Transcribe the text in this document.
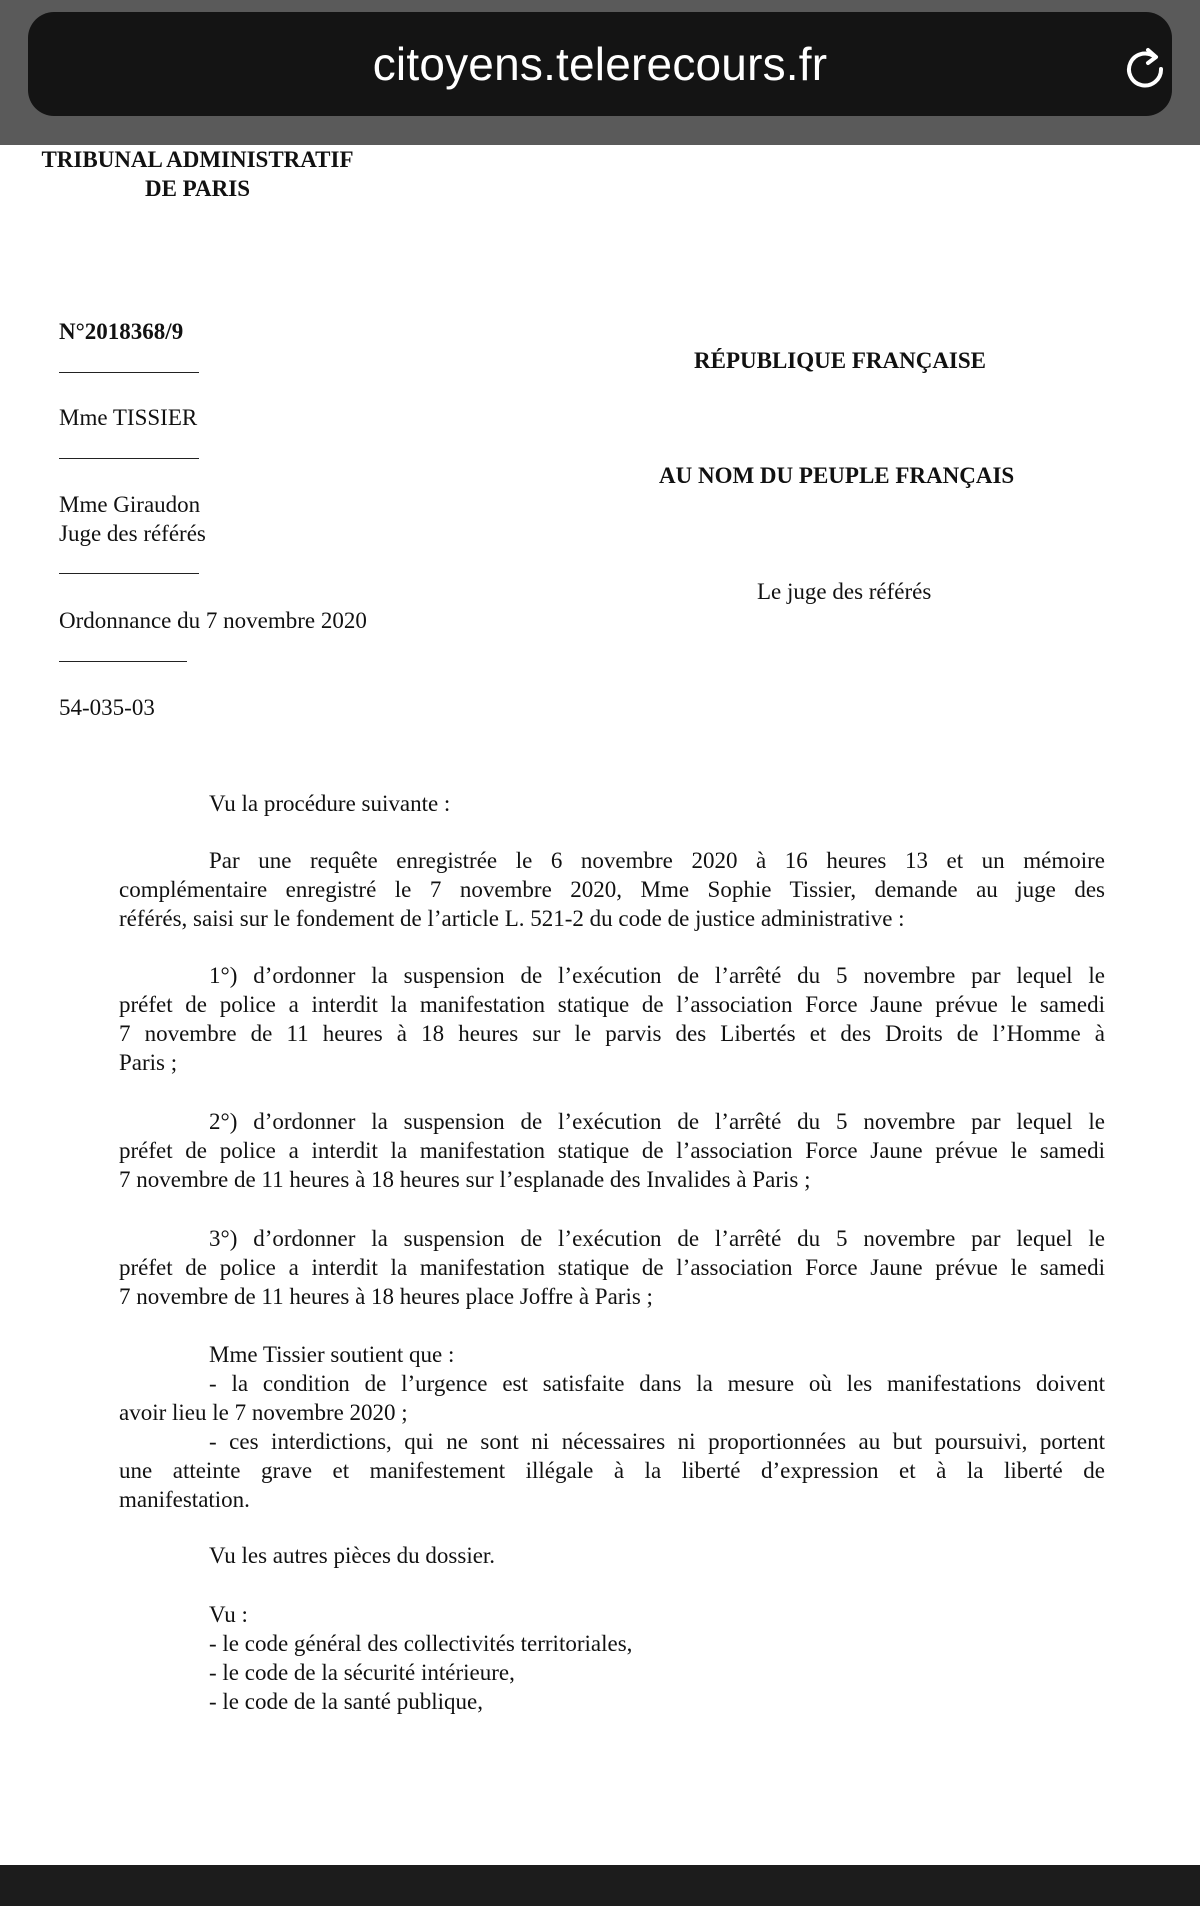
citoyens.telerecours.fr
TRIBUNAL ADMINISTRATIF
DE PARIS
N°2018368/9
RÉPUBLIQUE FRANÇAISE
Mme TISSIER
AU NOM DU PEUPLE FRANÇAIS
Mme Giraudon
Juge des référés
Le juge des référés
Ordonnance du 7 novembre 2020
54-035-03
Vu la procédure suivante :
Par une requête enregistrée le 6 novembre 2020 à 16 heures 13 et un mémoire
complémentaire enregistré le 7 novembre 2020, Mme Sophie Tissier, demande au juge des
référés, saisi sur le fondement de l’article L. 521-2 du code de justice administrative :
1°) d’ordonner la suspension de l’exécution de l’arrêté du 5 novembre par lequel le
préfet de police a interdit la manifestation statique de l’association Force Jaune prévue le samedi
7 novembre de 11 heures à 18 heures sur le parvis des Libertés et des Droits de l’Homme à
Paris ;
2°) d’ordonner la suspension de l’exécution de l’arrêté du 5 novembre par lequel le
préfet de police a interdit la manifestation statique de l’association Force Jaune prévue le samedi
7 novembre de 11 heures à 18 heures sur l’esplanade des Invalides à Paris ;
3°) d’ordonner la suspension de l’exécution de l’arrêté du 5 novembre par lequel le
préfet de police a interdit la manifestation statique de l’association Force Jaune prévue le samedi
7 novembre de 11 heures à 18 heures place Joffre à Paris ;
Mme Tissier soutient que :
- la condition de l’urgence est satisfaite dans la mesure où les manifestations doivent
avoir lieu le 7 novembre 2020 ;
- ces interdictions, qui ne sont ni nécessaires ni proportionnées au but poursuivi, portent
une atteinte grave et manifestement illégale à la liberté d’expression et à la liberté de
manifestation.
Vu les autres pièces du dossier.
Vu :
- le code général des collectivités territoriales,
- le code de la sécurité intérieure,
- le code de la santé publique,
